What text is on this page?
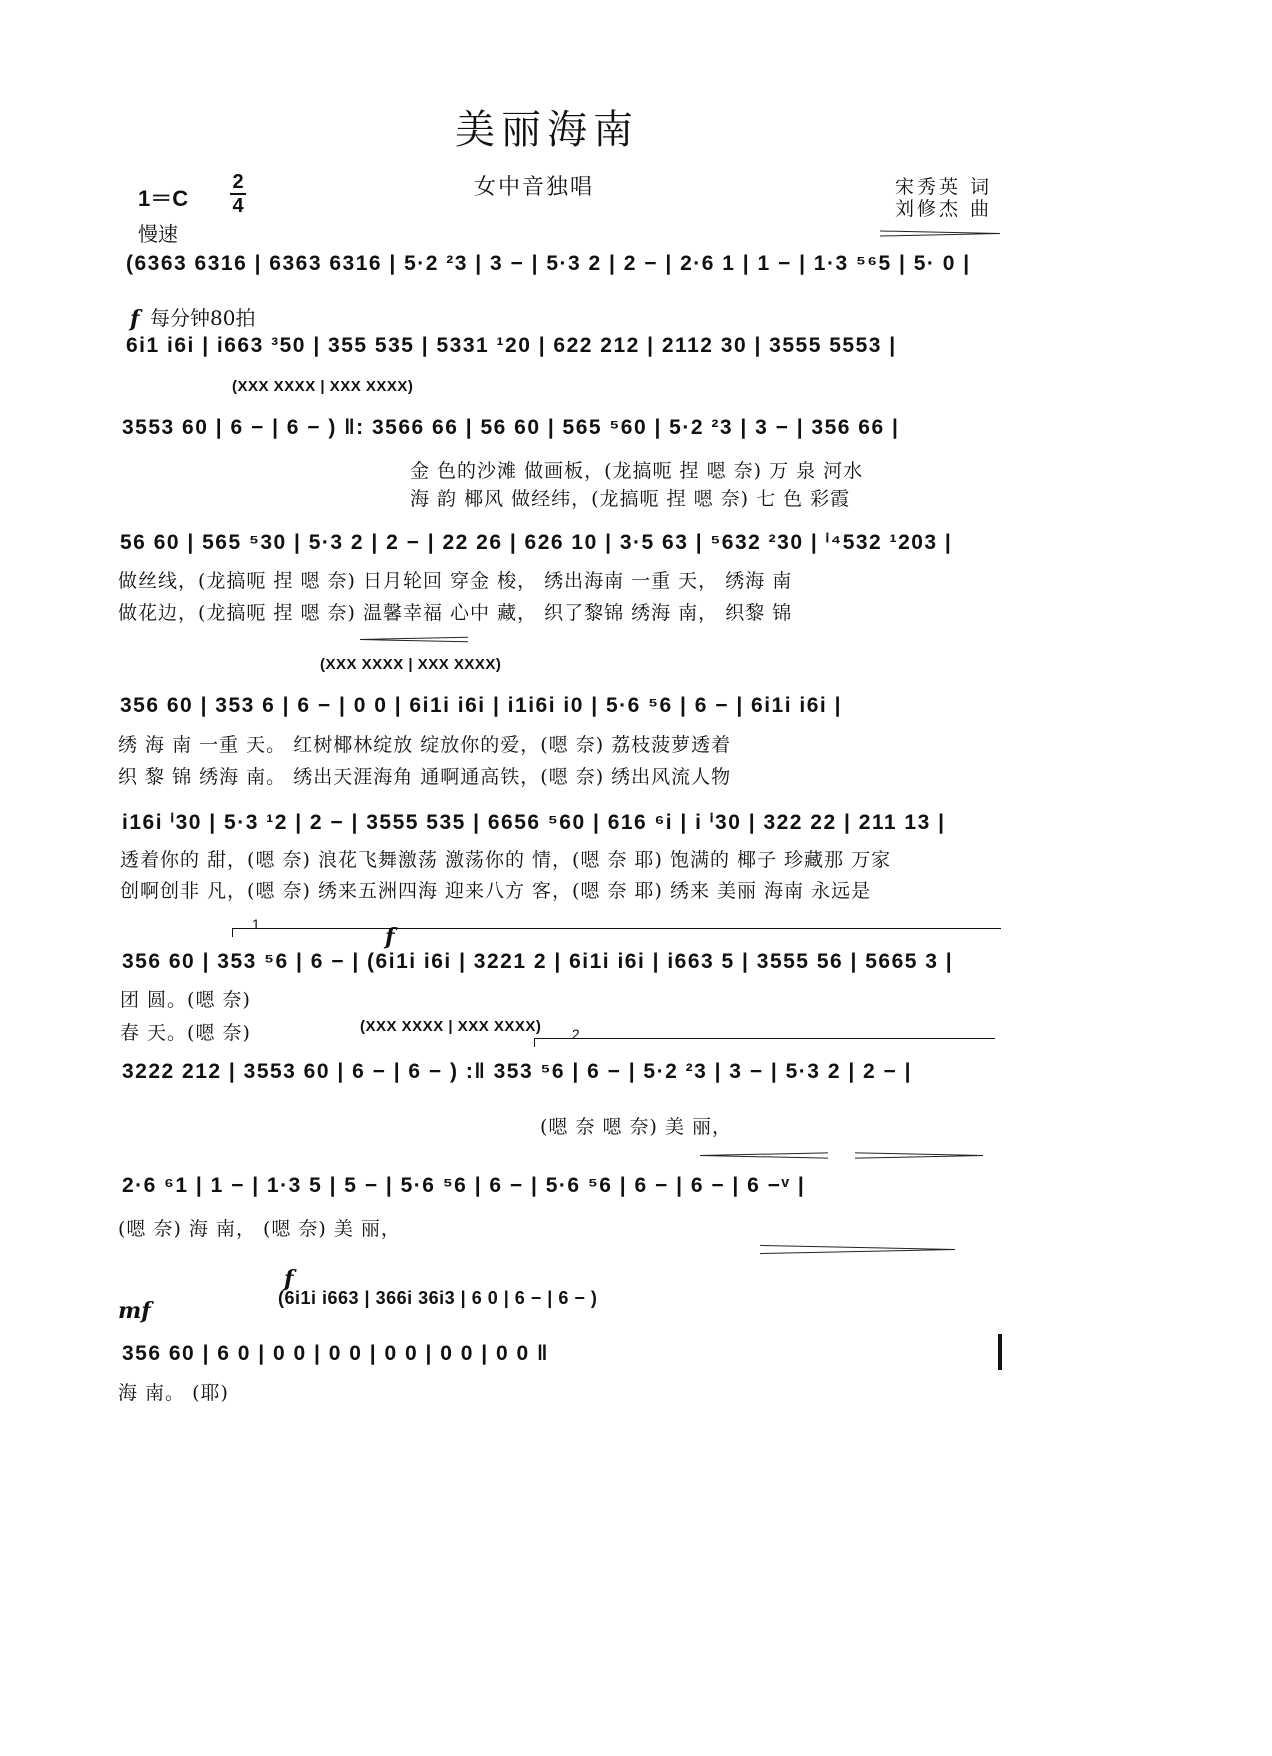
美丽海南
女中音独唱	宋秀英 词
刘修杰 曲
1＝C
2
4
慢速
(6363 6316 | 6363 6316 | 5·2 ²3 | 3 − | 5·3 2 | 2 − | 2·6 1 | 1 − | 1·3 ⁵⁶5 | 5· 0 |
f 每分钟80拍
6i1 i6i | i663 ³50 | 355 535 | 5331 ¹20 | 622 212 | 2112 30 | 3555 5553 |
(XXX XXXX | XXX XXXX)
3553 60 | 6 − | 6 − ) ‖: 3566 66 | 56 60 | 565 ⁵60 | 5·2 ²3 | 3 − | 356 66 |
金 色的沙滩 做画板，(龙搞呃 捏 嗯 奈) 万 泉 河水
海 韵 椰风 做经纬，(龙搞呃 捏 嗯 奈) 七 色 彩霞
56 60 | 565 ⁵30 | 5·3 2 | 2 − | 22 26 | 626 10 | 3·5 63 | ⁵632 ²30 | ⁱ⁴532 ¹203 |
做丝线，(龙搞呃 捏 嗯 奈) 日月轮回 穿金 梭， 绣出海南 一重 天， 绣海 南
做花边，(龙搞呃 捏 嗯 奈) 温馨幸福 心中 藏， 织了黎锦 绣海 南， 织黎 锦
(XXX XXXX | XXX XXXX)
356 60 | 353 6 | 6 − | 0 0 | 6i1i i6i | i1i6i i0 | 5·6 ⁵6 | 6 − | 6i1i i6i |
绣 海 南 一重 天。 红树椰林绽放 绽放你的爱，(嗯 奈) 荔枝菠萝透着
织 黎 锦 绣海 南。 绣出天涯海角 通啊通高铁，(嗯 奈) 绣出风流人物
i16i ⁱ30 | 5·3 ¹2 | 2 − | 3555 535 | 6656 ⁵60 | 616 ⁶i | i ⁱ30 | 322 22 | 211 13 |
透着你的 甜，(嗯 奈) 浪花飞舞激荡 激荡你的 情，(嗯 奈 耶) 饱满的 椰子 珍藏那 万家
创啊创非 凡，(嗯 奈) 绣来五洲四海 迎来八方 客，(嗯 奈 耶) 绣来 美丽 海南 永远是
1	f
356 60 | 353 ⁵6 | 6 − | (6i1i i6i | 3221 2 | 6i1i i6i | i663 5 | 3555 56 | 5665 3 |
团 圆。(嗯 奈)
春 天。(嗯 奈)	(XXX XXXX | XXX XXXX) 2
3222 212 | 3553 60 | 6 − | 6 − ) :‖ 353 ⁵6 | 6 − | 5·2 ²3 | 3 − | 5·3 2 | 2 − |
(嗯 奈 嗯 奈) 美 丽，
2·6 ⁶1 | 1 − | 1·3 5 | 5 − | 5·6 ⁵6 | 6 − | 5·6 ⁵6 | 6 − | 6 − | 6 −ᵛ |
(嗯 奈) 海 南， (嗯 奈) 美 丽，
f
(6i1i i663 | 366i 36i3 | 6 0 | 6 − | 6 − )
mf
356 60 | 6 0 | 0 0 | 0 0 | 0 0 | 0 0 | 0 0 ‖
海 南。 (耶)
